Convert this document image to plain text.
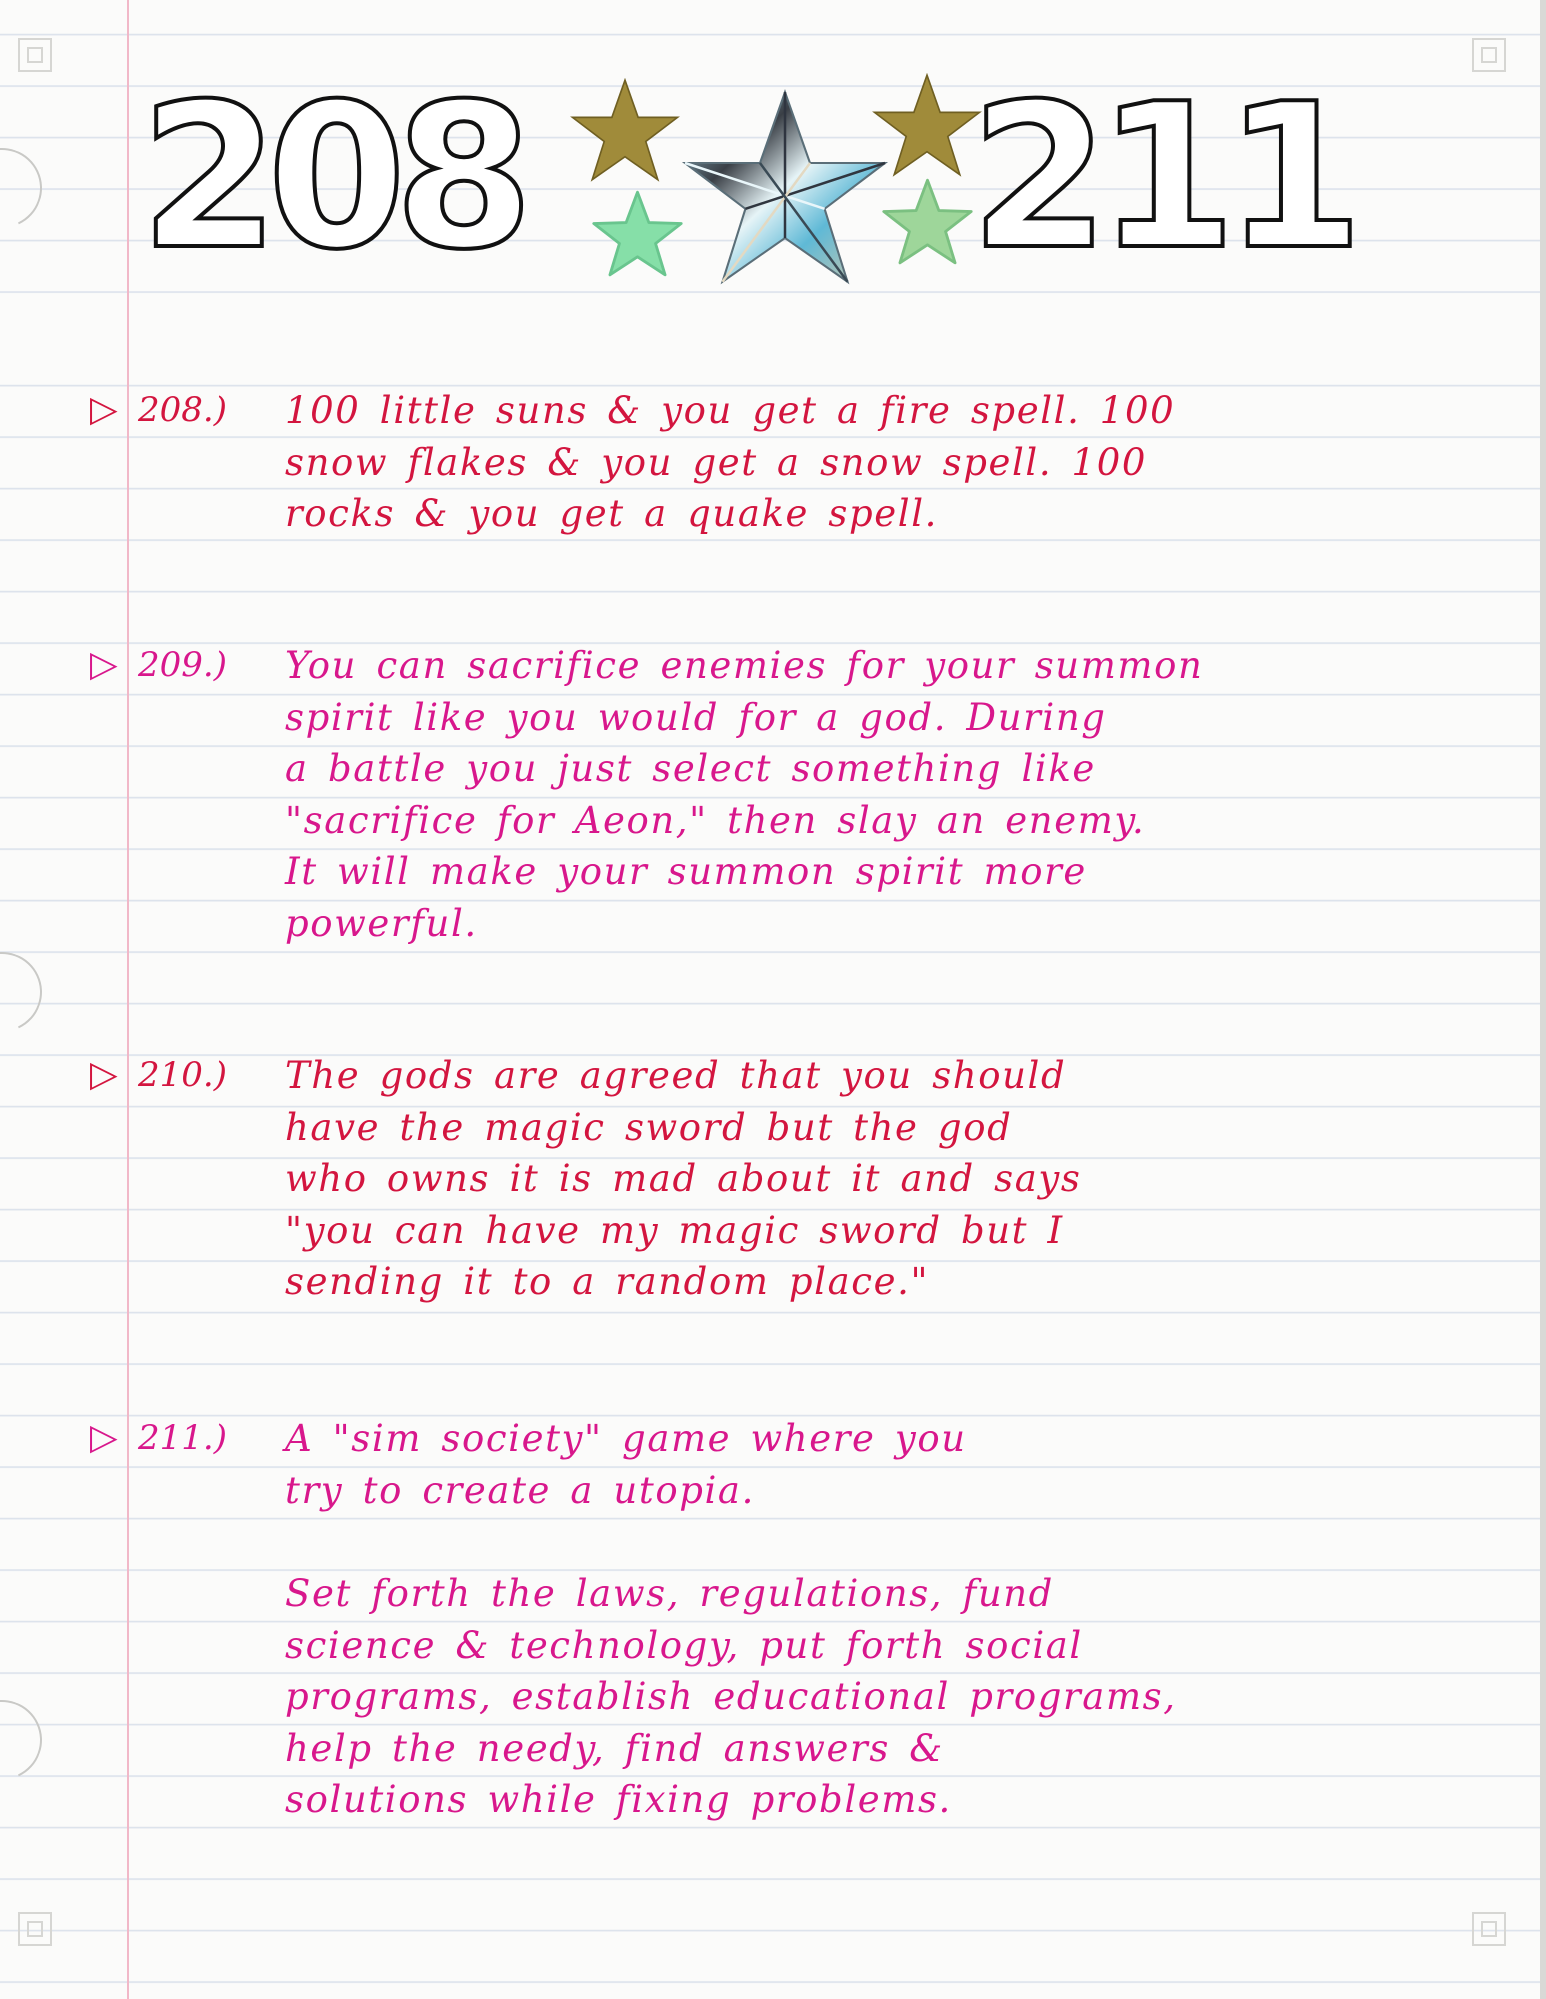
208 211
▷ 208.) 100 little suns & you get a fire spell. 100
snow flakes & you get a snow spell. 100
rocks & you get a quake spell.
▷ 209.) You can sacrifice enemies for your summon
spirit like you would for a god. During
a battle you just select something like
"sacrifice for Aeon," then slay an enemy.
It will make your summon spirit more
powerful.
▷ 210.) The gods are agreed that you should
have the magic sword but the god
who owns it is mad about it and says
"you can have my magic sword but I
sending it to a random place."
▷ 211.) A "sim society" game where you
try to create a utopia.
Set forth the laws, regulations, fund
science & technology, put forth social
programs, establish educational programs,
help the needy, find answers &
solutions while fixing problems.
